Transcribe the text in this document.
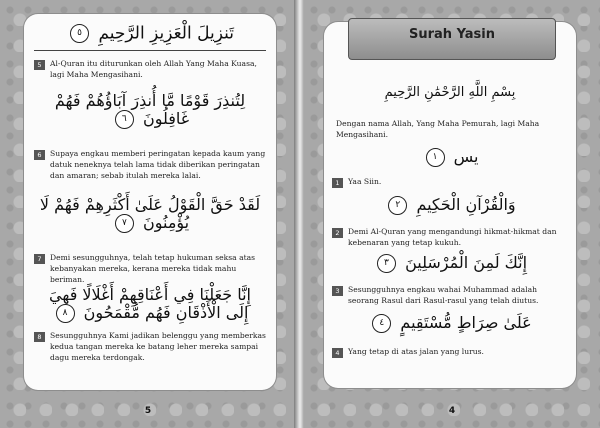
تَنزِيلَ الْعَزِيزِ الرَّحِيمِ ٥
5	Al-Quran itu diturunkan oleh Allah Yang Maha Kuasa, lagi Maha Mengasihani.
لِتُنذِرَ قَوْمًا مَّا أُنذِرَ آبَاؤُهُمْ فَهُمْ غَافِلُونَ ٦
6	Supaya engkau memberi peringatan kepada kaum yang datuk neneknya telah lama tidak diberikan peringatan dan amaran; sebab itulah mereka lalai.
لَقَدْ حَقَّ الْقَوْلُ عَلَىٰ أَكْثَرِهِمْ فَهُمْ لَا يُؤْمِنُونَ ٧
7	Demi sesungguhnya, telah tetap hukuman seksa atas kebanyakan mereka, kerana mereka tidak mahu beriman.
إِنَّا جَعَلْنَا فِي أَعْنَاقِهِمْ أَغْلَالًا فَهِيَ إِلَى الْأَذْقَانِ فَهُم مُّقْمَحُونَ ٨
8	Sesungguhnya Kami jadikan belenggu yang memberkas kedua tangan mereka ke batang leher mereka sampai dagu mereka terdongak.
5
Surah Yasin
بِسْمِ اللَّهِ الرَّحْمَٰنِ الرَّحِيمِ
Dengan nama Allah, Yang Maha Pemurah, lagi Maha Mengasihani.
يس ١
1	Yaa Siin.
وَالْقُرْآنِ الْحَكِيمِ ٢
2	Demi Al-Quran yang mengandungi hikmat-hikmat dan kebenaran yang tetap kukuh.
إِنَّكَ لَمِنَ الْمُرْسَلِينَ ٣
3	Sesungguhnya engkau wahai Muhammad adalah seorang Rasul dari Rasul-rasul yang telah diutus.
عَلَىٰ صِرَاطٍ مُّسْتَقِيمٍ ٤
4	Yang tetap di atas jalan yang lurus.
4
